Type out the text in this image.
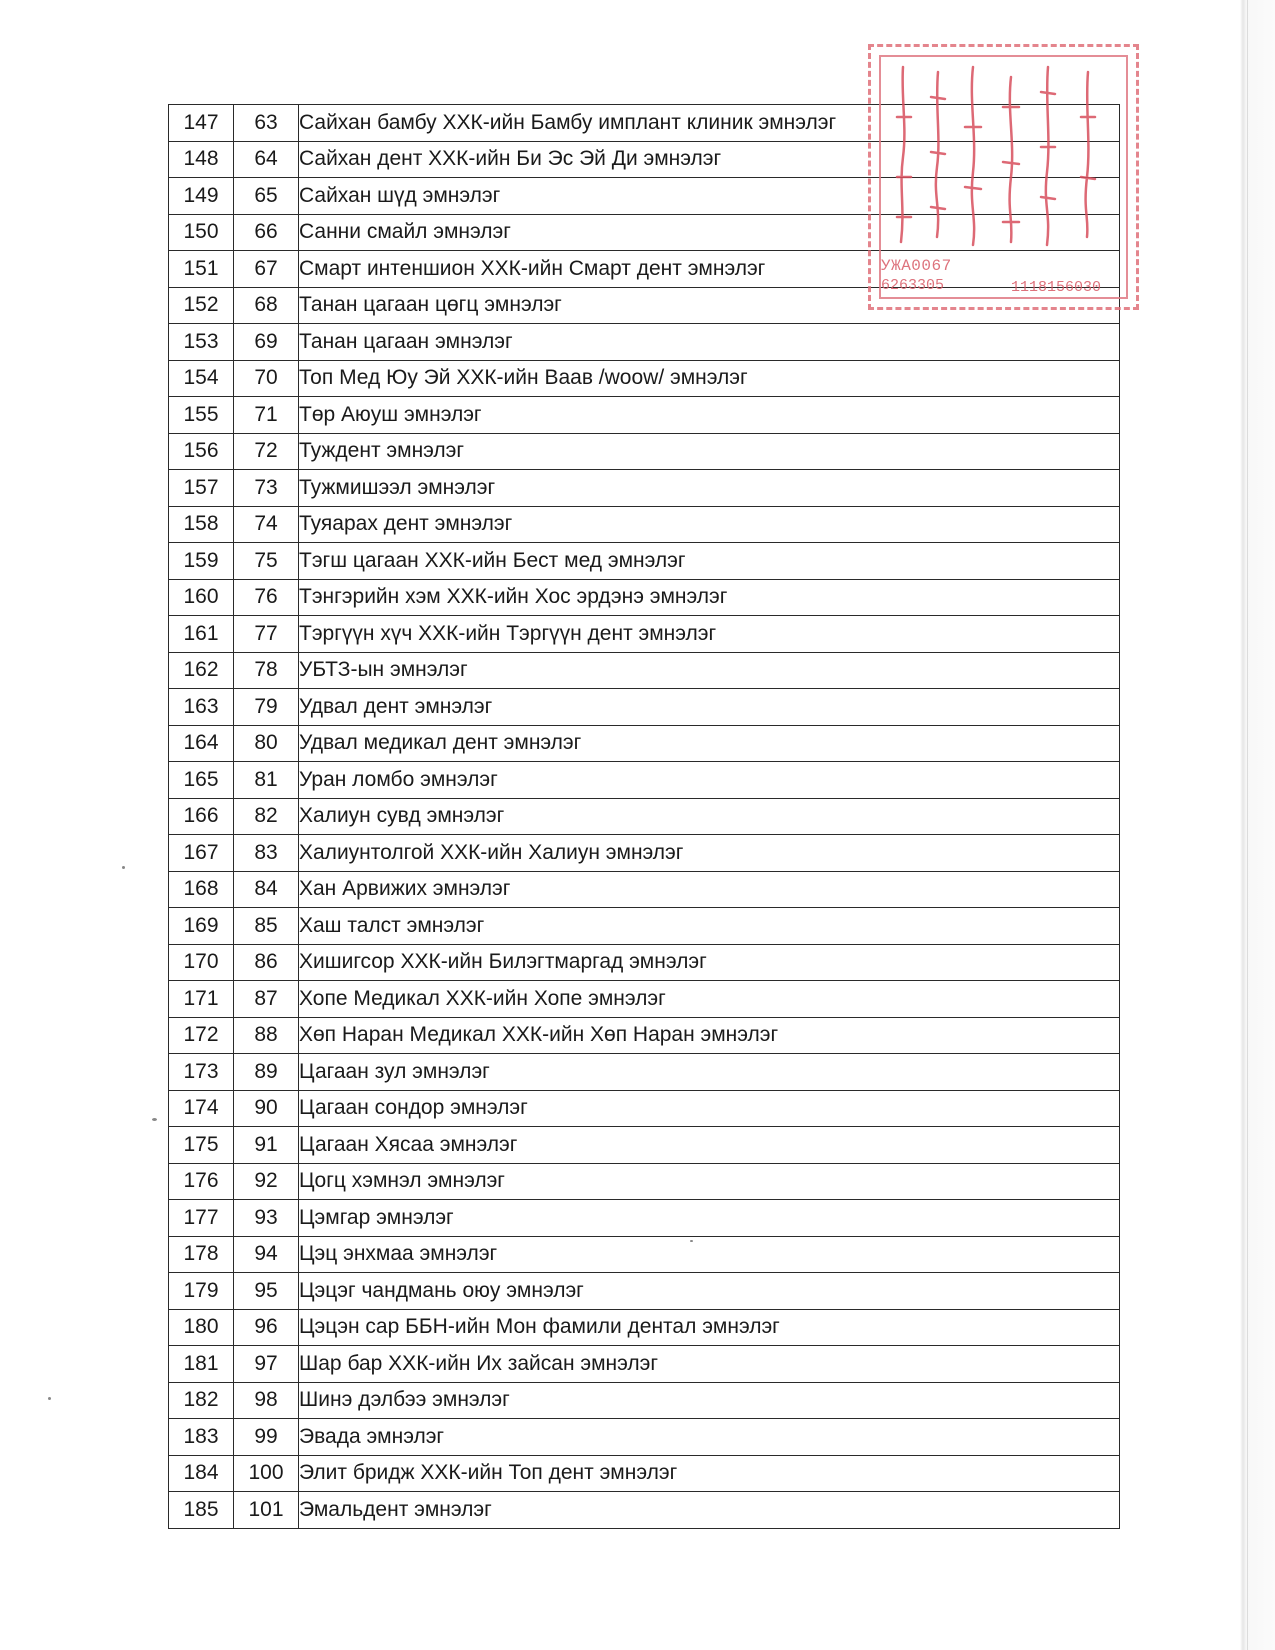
147	63	Сайхан бамбу ХХК-ийн Бамбу имплант клиник эмнэлэг
148	64	Сайхан дент ХХК-ийн Би Эс Эй Ди эмнэлэг
149	65	Сайхан шүд эмнэлэг
150	66	Санни смайл эмнэлэг
151	67	Смарт интеншион ХХК-ийн Смарт дент эмнэлэг
152	68	Танан цагаан цөгц эмнэлэг
153	69	Танан цагаан эмнэлэг
154	70	Топ Мед Юу Эй ХХК-ийн Ваав /woow/ эмнэлэг
155	71	Төр Аюуш эмнэлэг
156	72	Туждент эмнэлэг
157	73	Тужмишээл эмнэлэг
158	74	Туяарах дент эмнэлэг
159	75	Тэгш цагаан ХХК-ийн Бест мед эмнэлэг
160	76	Тэнгэрийн хэм ХХК-ийн Хос эрдэнэ эмнэлэг
161	77	Тэргүүн хүч ХХК-ийн Тэргүүн дент эмнэлэг
162	78	УБТЗ-ын эмнэлэг
163	79	Удвал дент эмнэлэг
164	80	Удвал медикал дент эмнэлэг
165	81	Уран ломбо эмнэлэг
166	82	Халиун сувд эмнэлэг
167	83	Халиунтолгой ХХК-ийн Халиун эмнэлэг
168	84	Хан Арвижих эмнэлэг
169	85	Хаш талст эмнэлэг
170	86	Хишигсор ХХК-ийн Билэгтмаргад эмнэлэг
171	87	Хопе Медикал ХХК-ийн Хопе эмнэлэг
172	88	Хөп Наран Медикал ХХК-ийн Хөп Наран эмнэлэг
173	89	Цагаан зул эмнэлэг
174	90	Цагаан сондор эмнэлэг
175	91	Цагаан Хясаа эмнэлэг
176	92	Цогц хэмнэл эмнэлэг
177	93	Цэмгар эмнэлэг
178	94	Цэц энхмаа эмнэлэг
179	95	Цэцэг чандмань оюу эмнэлэг
180	96	Цэцэн сар ББН-ийн Мон фамили дентал эмнэлэг
181	97	Шар бар ХХК-ийн Их зайсан эмнэлэг
182	98	Шинэ дэлбээ эмнэлэг
183	99	Эвада эмнэлэг
184	100	Элит бридж ХХК-ийн Топ дент эмнэлэг
185	101	Эмальдент эмнэлэг
УЖА0067
6263305	1118156030
